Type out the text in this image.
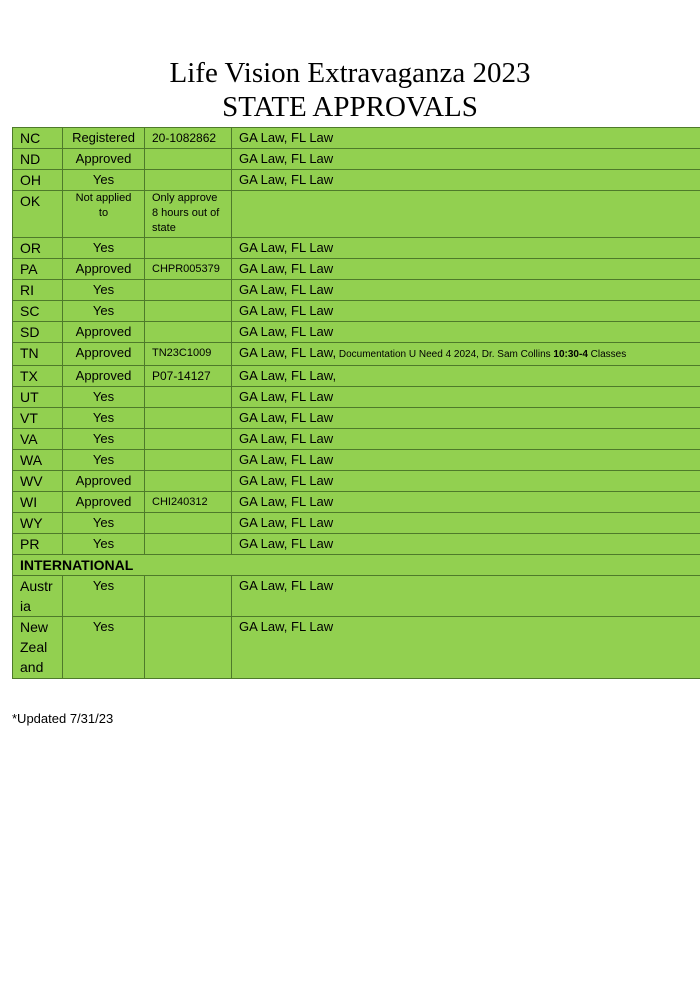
Life Vision Extravaganza 2023
STATE APPROVALS
NC	Registered	20-1082862	GA Law, FL Law
ND	Approved		GA Law, FL Law
OH	Yes		GA Law, FL Law
OK	Not applied to	Only approve 8 hours out of state	
OR	Yes		GA Law, FL Law
PA	Approved	CHPR005379	GA Law, FL Law
RI	Yes		GA Law, FL Law
SC	Yes		GA Law, FL Law
SD	Approved		GA Law, FL Law
TN	Approved	TN23C1009	GA Law, FL Law, Documentation U Need 4 2024, Dr. Sam Collins 10:30-4 Classes
TX	Approved	P07-14127	GA Law, FL Law,
UT	Yes		GA Law, FL Law
VT	Yes		GA Law, FL Law
VA	Yes		GA Law, FL Law
WA	Yes		GA Law, FL Law
WV	Approved		GA Law, FL Law
WI	Approved	CHI240312	GA Law, FL Law
WY	Yes		GA Law, FL Law
PR	Yes		GA Law, FL Law
INTERNATIONAL			
Austria	Yes		GA Law, FL Law
New Zealand	Yes		GA Law, FL Law
*Updated 7/31/23
